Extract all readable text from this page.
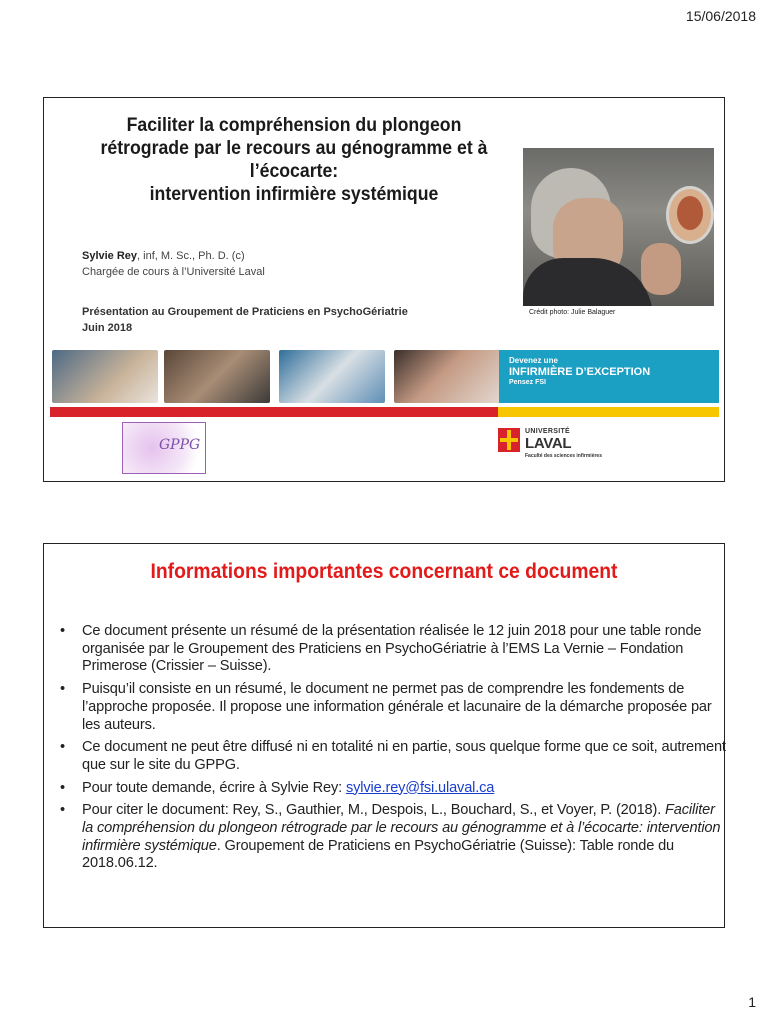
15/06/2018
Faciliter la compréhension du plongeon
rétrograde par le recours au génogramme et à
l’écocarte:
intervention infirmière systémique
Sylvie Rey, inf, M. Sc., Ph. D. (c)
Chargée de cours à l’Université Laval
Présentation au Groupement de Praticiens en PsychoGériatrie
Juin 2018
Crédit photo: Julie Balaguer
Devenez une
INFIRMIÈRE D’EXCEPTION
Pensez FSI
GPPG
UNIVERSITÉ
LAVAL
Faculté des sciences infirmières
Informations importantes concernant ce document
• Ce document présente un résumé de la présentation réalisée le 12 juin 2018 pour une table ronde organisée par le Groupement des Praticiens en PsychoGériatrie à l’EMS La Vernie – Fondation Primerose (Crissier – Suisse).
• Puisqu’il consiste en un résumé, le document ne permet pas de comprendre les fondements de l’approche proposée. Il propose une information générale et lacunaire de la démarche proposée par les auteurs.
• Ce document ne peut être diffusé ni en totalité ni en partie, sous quelque forme que ce soit, autrement que sur le site du GPPG.
• Pour toute demande, écrire à Sylvie Rey: sylvie.rey@fsi.ulaval.ca
• Pour citer le document: Rey, S., Gauthier, M., Despois, L., Bouchard, S., et Voyer, P. (2018). Faciliter la compréhension du plongeon rétrograde par le recours au génogramme et à l’écocarte: intervention infirmière systémique. Groupement de Praticiens en PsychoGériatrie (Suisse): Table ronde du 2018.06.12.
1
